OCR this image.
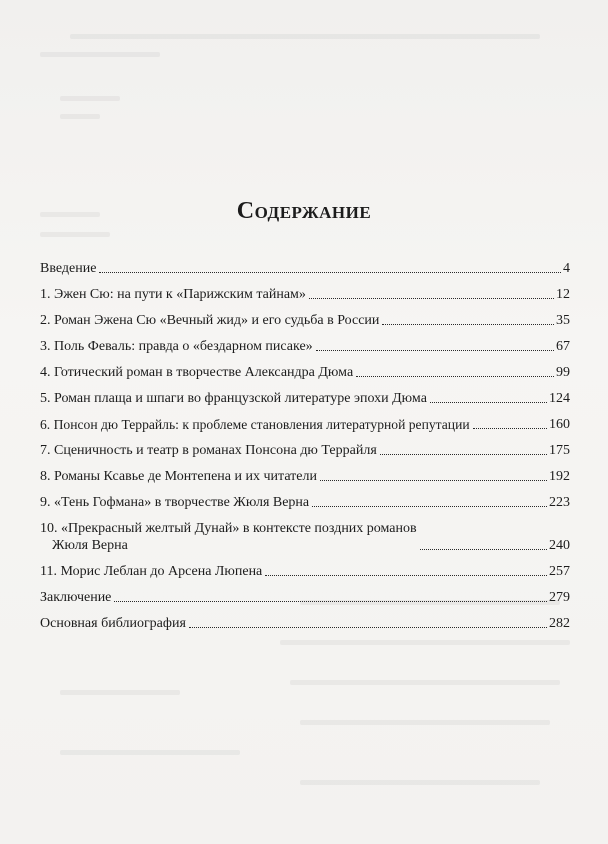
Содержание
Введение	4
1. Эжен Сю: на пути к «Парижским тайнам»	12
2. Роман Эжена Сю «Вечный жид» и его судьба в России	35
3. Поль Феваль: правда о «бездарном писаке»	67
4. Готический роман в творчестве Александра Дюма	99
5. Роман плаща и шпаги во французской литературе эпохи Дюма	124
6. Понсон дю Террайль: к проблеме становления литературной репутации	160
7. Сценичность и театр в романах Понсона дю Террайля	175
8. Романы Ксавье де Монтепена и их читатели	192
9. «Тень Гофмана» в творчестве Жюля Верна	223
10. «Прекрасный желтый Дунай» в контексте поздних романов
Жюля Верна	240
11. Морис Леблан до Арсена Люпена	257
Заключение	279
Основная библиография	282
